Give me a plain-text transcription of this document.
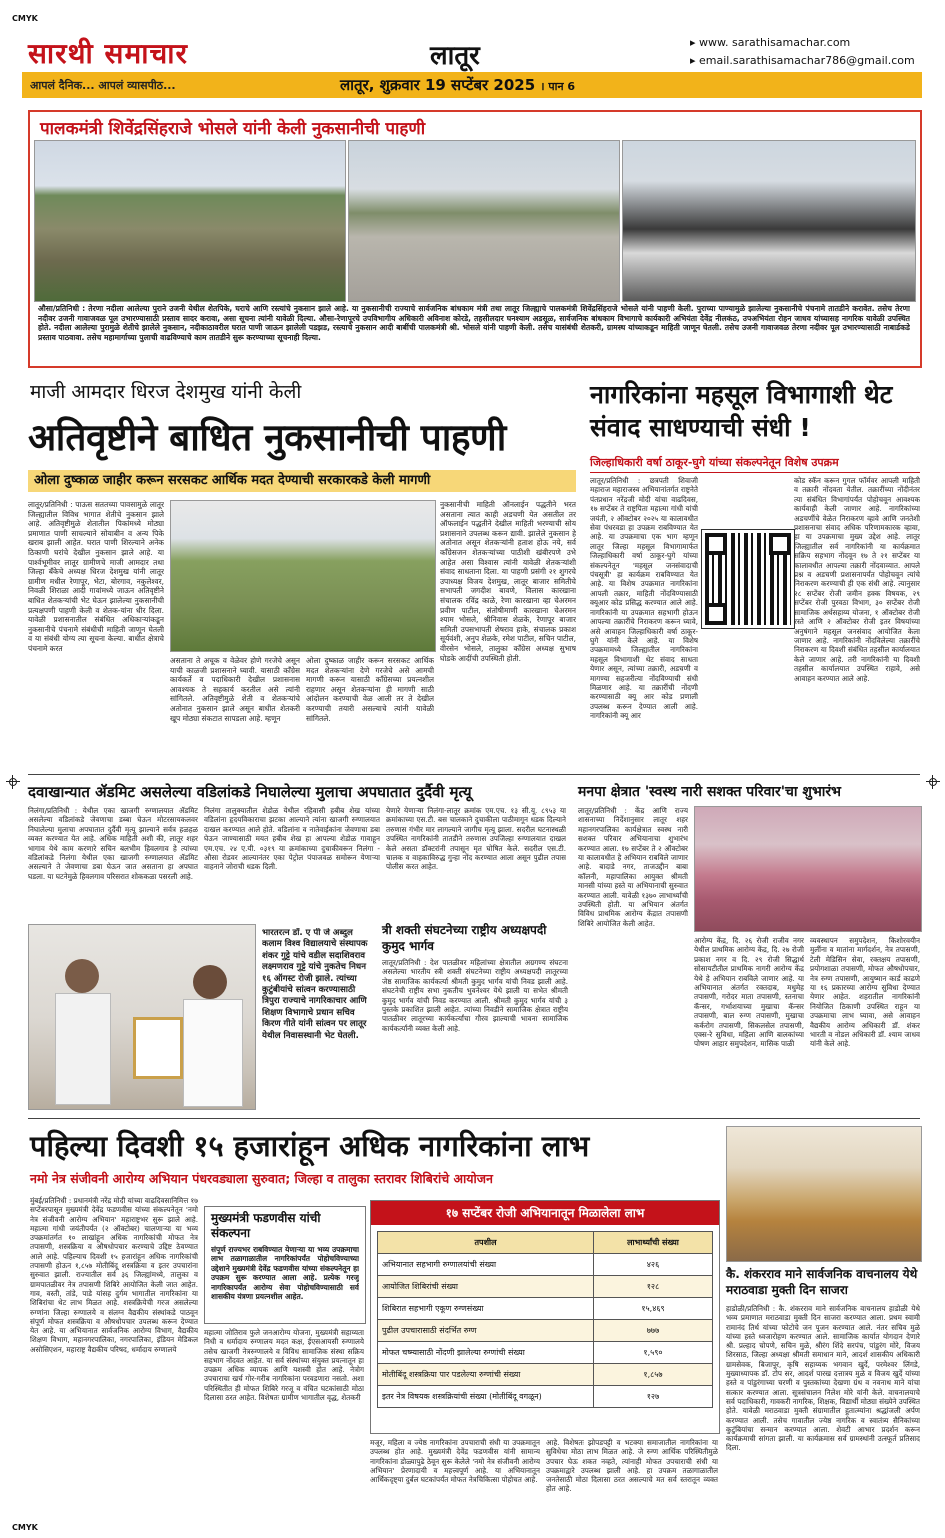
CMYK
CMYK
सारथी समाचार	लातूर	▸ www. sarathisamachar.com
▸ email.sarathisamachar786@gmail.com
आपलं दैनिक... आपलं व्यासपीठ...	लातूर, शुक्रवार 19 सप्टेंबर 2025 । पान 6
पालकमंत्री शिवेंद्रसिंहराजे भोसले यांनी केली नुकसानीची पाहणी
औसा/प्रतिनिधी : तेरणा नदीला आलेल्या पुराने उजनी येथील शेतपिके, घराचे आणि रस्त्यांचे नुकसान झाले आहे. या नुकसानीची राज्याचे सार्वजनिक बांधकाम मंत्री तथा लातूर जिल्ह्याचे पालकमंत्री शिवेंद्रसिंहराजे भोसले यांनी पाहणी केली. पुराच्या पाण्यामुळे झालेल्या नुकसानीचे पंचनामे तातडीने करावेत. तसेच तेरणा नदीवर उजनी गावाजवळ पूल उभारण्यासाठी प्रस्ताव सादर करावा, असा सूचना त्यांनी यावेळी दिल्या. औसा-रेणापूरचे उपविभागीय अधिकारी अविनाश कोरडे, तहसीलदार घनश्याम अडसूळ, सार्वजनिक बांधकाम विभागाचे कार्यकारी अभियंता देवेंद्र नीलकंठ, उपअभियंता रोहन जाधव यांच्यासह नागरिक यावेळी उपस्थित होते. नदीला आलेल्या पुरामुळे शेतीचे झालेले नुकसान, नदीकाठावरील घरात पाणी जाऊन झालेली पडझड, रस्त्याचे नुकसान आदी बाबींची पालकमंत्री श्री. भोसले यांनी पाहणी केली. तसेच यासंबंधी शेतकरी, ग्रामस्थ यांच्याकडून माहिती जाणून घेतली. तसेच उजनी गावाजवळ तेरणा नदीवर पूल उभारण्यासाठी नाबार्डकडे प्रस्ताव पाठवावा. तसेच महामार्गाच्या पुलाची वाढविण्याचे काम तातडीने सुरू करण्याच्या सूचनाही दिल्या.
माजी आमदार धिरज देशमुख यांनी केली
अतिवृष्टीने बाधित नुकसानीची पाहणी
ओला दुष्काळ जाहीर करून सरसकट आर्थिक मदत देण्याची सरकारकडे केली मागणी
लातूर/प्रतिनिधी : पाऊस सततच्या पावसामुळे लातूर जिल्ह्यातील विविध भागात शेतीचे नुकसान झाले आहे. अतिवृष्टीमुळे शेतातील पिकांमध्ये मोठ्या प्रमाणात पाणी साचल्याने सोयाबीन व अन्य पिके खराब झाली आहेत. घरात पाणी शिरल्याने अनेक ठिकाणी घरांचे देखील नुकसान झाले आहे. या पार्श्वभूमीवर लातूर ग्रामीणचे माजी आमदार तथा जिल्हा बँकेचे अध्यक्ष धिरज देशमुख यांनी लातूर ग्रामीण मधील रेणापूर, भेटा, बोरगाव, नकुलेश्वर, निवळी शिराळा आदी गावांमध्ये जाऊन अतिवृष्टीने बाधित शेतकऱ्यांची भेट घेऊन झालेल्या नुकसानीची प्रत्यक्षपणी पाहणी केली व शेतक-यांना धीर दिला. यावेळी प्रशासनातील संबंधित अधिकाऱ्यांकडून नुकसानीचे पंचनामे संबंधीची माहिती जाणून घेतली व या संबंधी योग्य त्या सूचना केल्या. बाधीत क्षेत्राचे पंचनामे करत
असताना ते अचूक व वेळेवर होणे गरजेचे असून याची काळजी प्रशासनाने घ्यावी. यासाठी काँग्रेस कार्यकर्ते व पदाधिकारी देखील प्रशासनास आवश्यक ते सहकार्य करतील असे त्यांनी सांगितले. अतिवृष्टीमुळे शेती व शेतकऱ्यांचे अतोनात नुकसान झाले असून बाधीत शेतकरी खूप मोठ्या संकटात सापडला आहे. म्हणून
ओला दुष्काळ जाहीर करून सरसकट आर्थिक मदत शेतकऱ्यांना देणे गरजेचे असे आमची मागणी करून यासाठी काँग्रेसच्या प्रयत्नशील राहणार असून शेतकऱ्यांना ही मागणी साठी आंदोलन करण्याची वेळ आली तर ते देखील करण्याची तयारी असल्याचे त्यांनी यावेळी सांगितले.
नुकसानीची माहिती ऑनलाईन पद्धतीने भरत असताना त्यात काही अडचणी येत असतील तर ऑफलाईन पद्धतीने देखील माहिती भरण्याची सोय प्रशासनाने उपलब्ध करून द्यावी. झालेले नुकसान हे अतोनात असून शेतकऱ्यांनी हताश होऊ नये, सर्व काँग्रेसजन शेतकऱ्यांच्या पाठीशी खंबीरपणे उभे आहेत असा विश्वास त्यांनी यावेळी शेतकऱ्यांशी संवाद साधताना दिला. या पाहणी प्रसंगी २१ शुगरचे उपाध्यक्ष विजय देशमुख, लातूर बाजार समितीचे सभापती जगदीश बावणे, विलास कारखाना संचालक रविंद्र काळे, रेणा कारखाना व्हा चेअरमन प्रवीण पाटील, संतोषीमाणी कारखाना चेअरमन श्याम भोसले, श्रीनिवास शेळके, रेणापूर बाजार समिती उपसभापती शेषराव हाके, संचालक प्रकाश सूर्यवंशी, अनुप शेळके, रमेश पाटील, सचिन पाटील, वीरसेन भोसले, तालुका काँग्रेस अध्यक्ष सुभाष घोडके आदींची उपस्थिती होती.
नागरिकांना महसूल विभागाशी थेट संवाद साधण्याची संधी !
जिल्हाधिकारी वर्षा ठाकूर-घुगे यांच्या संकल्पनेतून विशेष उपक्रम
लातूर/प्रतिनिधी : छत्रपती शिवाजी महाराज महाराजस्व अभियानांतर्गत राष्ट्रनेते पंतप्रधान नरेंद्रजी मोदी यांचा वाढदिवस, १७ सप्टेंबर ते राष्ट्रपिता महात्मा गांधी यांची जयंती, २ ऑक्टोबर २०२५ या कालावधीत सेवा पंधरवडा हा उपक्रम राबविण्यात येत आहे. या उपक्रमाचा एक भाग म्हणून लातूर जिल्हा महसूल विभागामार्फत जिल्हाधिकारी वर्षा ठाकूर-घुगे यांच्या संकल्पनेतून 'महसूल जनसंवादाची पंचसूत्री' हा कार्यक्रम राबविण्यात येत आहे. या विशेष उपक्रमात नागरिकांना आपली तक्रार, माहिती नोंदविण्यासाठी क्यूआर कोड प्रसिद्ध करण्यात आले आहे. नागरिकांनी या उपक्रमात सहभागी होऊन आपल्या तक्रारींचे निराकरण करून घ्यावे, असे आवाहन जिल्हाधिकारी वर्षा ठाकूर-घुगे यांनी केले आहे. या विशेष उपक्रमामध्ये जिल्ह्यातील नागरिकांना महसूल विभागाशी थेट संवाद साधता येणार असून, त्यांच्या तक्रारी, अडचणी व मागण्या सहजरीत्या नोंदविण्याची संधी मिळणार आहे. या तक्रारींची नोंदणी करण्यासाठी क्यू आर कोड प्रणाली उपलब्ध करून देण्यात आली आहे. नागरिकांनी क्यू आर
कोड स्कॅन करून गुगल फॉर्मवर आपली माहिती व तक्रारी नोंदवता येतील. तक्रारींच्या नोंदीनंतर त्या संबंधित विभागांपर्यंत पोहोचवून आवश्यक कार्यवाही केली जाणार आहे. नागरिकांच्या अडचणींचे वेळेत निराकरण व्हावे आणि जनतेशी प्रशासनाचा संवाद अधिक परिणामकारक व्हावा, हा या उपक्रमाचा मुख्य उद्देश आहे. लातूर जिल्ह्यातील सर्व नागरिकांनी या कार्यक्रमात सक्रिय सहभाग नोंदवून १७ ते २१ सप्टेंबर या कालावधीत आपल्या तक्रारी नोंदवाव्यात. आपले प्रश्न व अडचणी प्रशासनापर्यंत पोहोचवून त्यांचे निराकरण करण्याची ही एक संधी आहे. त्यानुसार २८ सप्टेंबर रोजी जमीन हक्क विषयक, २९ सप्टेंबर रोजी पुरवठा विभाग, ३० सप्टेंबर रोजी सामाजिक अर्थसहाय्य योजना, १ ऑक्टोबर रोजी रस्ते आणि २ ऑक्टोबर रोजी इतर विषयांच्या अनुषंगाने महसूल जनसंवाद आयोजित केला जाणार आहे. नागरिकांनी नोंदविलेल्या तक्रारींचे निराकरण या दिवशी संबंधित तहसील कार्यालयात केले जाणार आहे. तरी नागरिकांनी या दिवशी तहसील कार्यालयात उपस्थित राहावे, असे आवाहन करण्यात आले आहे.
दवाखान्यात ॲडमिट असलेल्या वडिलांकडे निघालेल्या मुलाचा अपघातात दुर्दैवी मृत्यू
निलंगा/प्रतिनिधी : येथील एका खाजगी रुग्णालयात ॲडमिट असलेल्या वडिलांकडे जेवणाचा डब्बा घेऊन मोटरसायकलवर निघालेल्या मुलाचा अपघातात दुर्दैवी मृत्यू झाल्याने सर्वत्र हळहळ व्यक्त करण्यात येत आहे. अधिक माहिती अशी की, लातूर शहर भागाव येथे काम करणारे सचिन बलभीम हिवलगाव हे त्यांच्या वडिलांकडे निलंगा येथील एका खाजगी रुग्णालयात ॲडमिट असल्याने ते जेवणाचा डबा घेऊन जात असताना हा अपघात घडला. या घटनेमुळे हिवलगाव परिसरात शोककळा पसरली आहे.
निलंगा तालुक्यातील शेडोळ येथील रहिवासी हबीब शेख यांच्या वडिलांना हृदयविकाराचा झटका आल्याने त्यांना खाजगी रुग्णालयात दाखल करण्यात आले होते. वडिलांना व नातेवाईकांना जेवणाचा डबा घेऊन जाण्यासाठी मयत हबीब शेख हा आपल्या शेडोळ गावाहून एम.एच. २४ ए.यी. ०३१९ या क्रमांकाच्या दुचाकीवरून निलंगा - औसा रोडवर आल्यानंतर एका पेट्रोल पंपाजवळ समोरून येणाऱ्या वाहनाने जोराची धडक दिली.
येणारे येणाऱ्या निलंगा-लातूर क्रमांक एम.एच. १३ सी.यू. ८९५३ या क्रमांकाच्या एस.टी. बस चालकाने दुचाकीला पाठीमागून धडक दिल्याने तरुणास गंभीर मार लागल्याने जागीच मृत्यू झाला. सदरील घटनास्थळी उपस्थित नागरिकांनी तातडीने तरुणास उपजिल्हा रुग्णालयात दाखल केले असता डॉक्टरांनी तपासून मृत घोषित केले. सदरील एस.टी. चालक व वाहकाविरुद्ध गुन्हा नोंद करण्यात आला असून पुढील तपास पोलीस करत आहेत.
भारतरत्न डॉ. ए पी जे अब्दुल कलाम विश्व विद्यालयाचे संस्थापक शंकर गुट्टे यांचे वडील सदाशिवराव लक्ष्मणराव गुट्टे यांचे नुकतेच निधन १६ ऑगस्ट रोजी झाले. त्यांच्या कुटुंबीयांचे सांत्वन करण्यासाठी त्रिपुरा राज्याचे नागरिकाचार आणि शिक्षण विभागाचे प्रधान सचिव किरण गीते यांनी सांत्वन पर लातूर येथील निवासस्थानी भेट घेतली.
त्री शक्ती संघटनेच्या राष्ट्रीय अध्यक्षपदी कुमुद भार्गव
लातूर/प्रतिनिधी : देश पातळीवर महिलांच्या क्षेत्रातील अग्रगण्य संघटना असलेल्या भारतीय स्त्री शक्ती संघटनेच्या राष्ट्रीय अध्यक्षपदी लातूरच्या जेष्ठ सामाजिक कार्यकर्त्या श्रीमती कुमुद भार्गव यांची निवड झाली आहे. संघटनेची राष्ट्रीय सभा नुकतीच भुवनेश्वर येथे झाली या सभेत श्रीमती कुमुद भार्गव यांची निवड करण्यात आली. श्रीमती कुमुद भार्गव यांची ३ पुस्तके प्रकाशित झाली आहेत. त्यांच्या निवडीने सामाजिक क्षेत्रात राष्ट्रीय पातळीवर लातूरच्या कार्यकर्त्यांचा गौरव झाल्याची भावना सामाजिक कार्यकर्त्यांनी व्यक्त केली आहे.
मनपा क्षेत्रात 'स्वस्थ नारी सशक्त परिवार'चा शुभारंभ
लातूर/प्रतिनिधी : केंद्र आणि राज्य शासनाच्या निर्देशानुसार लातूर शहर महानगरपालिका कार्यक्षेत्रात स्वस्थ नारी सशक्त परिवार अभियानाचा शुभारंभ करण्यात आला. १७ सप्टेंबर ते २ ऑक्टोबर या कालावधीत हे अभियान राबविले जाणार आहे. बादाडे नगर, ताजउद्दीन बाबा कॉलनी, महापालिका आयुक्त श्रीमती मानसी यांच्या हस्ते या अभियानाची सुरुवात करण्यात आली. यावेळी १३७० लाभार्थ्यांची उपस्थिती होती. या अभियान अंतर्गत विविध प्राथमिक आरोग्य केंद्रात तपासणी शिबिरे आयोजित केली आहेत.
आरोग्य केंद्र, दि. २६ रोजी राजीव नगर येथील प्राथमिक आरोग्य केंद्र, दि. २७ रोजी प्रकाश नगर व दि. २९ रोजी सिद्धार्थ सोसायटीतील प्राथमिक नागरी आरोग्य केंद्र येथे हे अभियान राबविले जाणार आहे. या अभियानात अंतर्गत रक्तदाब, मधुमेह तपासणी, गरोदर माता तपासणी, स्तनाचा कॅन्सर, गर्भाशयाच्या मुखाचा कॅन्सर तपासणी, बाल रुग्ण तपासणी, मुखाचा कर्करोग तपासणी, सिकलसेल तपासणी, एक्स-रे सुविधा, महिला आणि बालकांच्या पोषण आहार समुपदेशन, मासिक पाळी
व्यवस्थापन समुपदेशन, किशोरवयीन मुलींना व मातांना मार्गदर्शन, नेत्र तपासणी, टेली मेडिसिन सेवा, रक्तक्षय तपासणी, प्रयोगशाळा तपासणी, मोफत औषधोपचार, नेत्र रुग्ण तपासणी, आयुष्मान कार्ड काढणे या १६ प्रकारच्या आरोग्य सुविधा देण्यात येणार आहेत. शहरातील नागरिकांनी नियोजित ठिकाणी उपस्थित राहून या उपक्रमाचा लाभ घ्यावा, असे आवाहन वैद्यकीय आरोग्य अधिकारी डॉ. शंकर भारती व नोडल अधिकारी डॉ. श्याम जाधव यांनी केले आहे.
पहिल्या दिवशी १५ हजारांहून अधिक नागरिकांना लाभ
नमो नेत्र संजीवनी आरोग्य अभियान पंधरवड्याला सुरुवात; जिल्हा व तालुका स्तरावर शिबिरांचे आयोजन
मुंबई/प्रतिनिधी : प्रधानमंत्री नरेंद्र मोदी यांच्या वाढदिवसानिमित्त १७ सप्टेंबरपासून मुख्यमंत्री देवेंद्र फडणवीस यांच्या संकल्पनेतून 'नमो नेत्र संजीवनी आरोग्य अभियान' महाराष्ट्रभर सुरू झाले आहे. महात्मा गांधी जयंतीपर्यंत (२ ऑक्टोबर) चालणाऱ्या या भव्य उपक्रमांतर्गत १० लाखांहून अधिक नागरिकांची मोफत नेत्र तपासणी, शस्त्रक्रिया व औषधोपचार करण्याचे उद्दिष्ट ठेवण्यात आले आहे. पहिल्याच दिवशी १५ हजारांहून अधिक नागरिकांची तपासणी होऊन १,८५७ मोतीबिंदू शस्त्रक्रिया व इतर उपचारांना सुरुवात झाली. राज्यातील सर्व ३६ जिल्ह्यांमध्ये, तालुका व ग्रामपातळीवर नेत्र तपासणी शिबिरे आयोजित केली जात आहेत. गाव, वस्ती, तांडे, पाडे यांसह दुर्गम भागातील नागरिकांना या शिबिरांचा थेट लाभ मिळत आहे. शस्त्रक्रियेची गरज असलेल्या रुग्णांना जिल्हा रुग्णालये व संलग्न वैद्यकीय संस्थांकडे पाठवून संपूर्ण मोफत शस्त्रक्रिया व औषधोपचार उपलब्ध करून देण्यात येत आहे. या अभियानात सार्वजनिक आरोग्य विभाग, वैद्यकीय शिक्षण विभाग, महानगरपालिका, नगरपालिका, इंडियन मेडिकल असोसिएशन, महाराष्ट्र वैद्यकीय परिषद, धर्मादाय रुग्णालये
मुख्यमंत्री फडणवीस यांची संकल्पना
संपूर्ण राज्यभर राबविण्यात येणाऱ्या या भव्य उपक्रमाचा लाभ तळागाळातील नागरिकांपर्यंत पोहोचविण्याच्या उद्देशाने मुख्यमंत्री देवेंद्र फडणवीस यांच्या संकल्पनेतून हा उपक्रम सुरू करण्यात आला आहे. प्रत्येक गरजू नागरिकापर्यंत आरोग्य सेवा पोहोचविण्यासाठी सर्व शासकीय यंत्रणा प्रयत्नशील आहेत.
महात्मा जोतिराव फुले जनआरोग्य योजना, मुख्यमंत्री सहाय्यता निधी व धर्मादाय रुग्णालय मदत कक्ष, ईएसआयसी रुग्णालये तसेच खाजगी नेत्ररुग्णालये व विविध सामाजिक संस्था सक्रिय सहभाग नोंदवत आहेत. या सर्व संस्थांच्या संयुक्त प्रयत्नातून हा उपक्रम अधिक व्यापक आणि यशस्वी होत आहे. नेत्रोग उपचाराचा खर्च गोर-गरीब नागरिकांना परवडणारा नसतो. अशा परिस्थितीत ही मोफत शिबिरे गरजू व वंचित घटकांसाठी मोठा दिलासा ठरत आहेत. विशेषतः ग्रामीण भागातील वृद्ध, शेतकरी
१७ सप्टेंबर रोजी अभियानातून मिळालेला लाभ
तपशील	लाभार्थ्यांची संख्या
अभियानात सहभागी रुग्णालयांची संख्या	४२६
आयोजित शिबिरांची संख्या	१२८
शिबिरात सहभागी एकूण रुग्णसंख्या	१५,४६९
पुढील उपचारासाठी संदर्भित रुग्ण	७७७
मोफत चष्म्यासाठी नोंदणी झालेल्या रुग्णांची संख्या	१,५९०
मोतीबिंदू शस्त्रक्रिया पार पडलेल्या रुग्णांची संख्या	१,८५७
इतर नेत्र विषयक शस्त्रक्रियांची संख्या (मोतीबिंदू वगळून)	१२७
मजूर, महिला व ज्येष्ठ नागरिकांना उपचाराची संधी या उपक्रमातून उपलब्ध होत आहे. मुख्यमंत्री देवेंद्र फडणवीस यांनी सामान्य नागरिकांना डोळ्यापुढे ठेवून सुरू केलेले 'नमो नेत्र संजीवनी आरोग्य अभियान' प्रेरणादायी व महत्त्वपूर्ण आहे. या अभियानातून आर्थिकदृष्ट्या दुर्बल घटकांपर्यंत मोफत नेत्रचिकित्सा पोहोचत आहे.
आहे. विशेषतः झोपडपट्टी व भटक्या समाजातील नागरिकांना या सुविधेचा मोठा लाभ मिळत आहे. जे रुग्ण आर्थिक परिस्थितीमुळे उपचार घेऊ शकत नव्हते, त्यांनाही मोफत उपचाराची संधी या उपक्रमाद्वारे उपलब्ध झाली आहे. हा उपक्रम तळागाळातील जनतेसाठी मोठा दिलासा ठरत असल्याचे मत सर्व स्तरातून व्यक्त होत आहे.
कै. शंकरराव माने सार्वजनिक वाचनालय येथे मराठवाडा मुक्ती दिन साजरा
हाडोळी/प्रतिनिधी : कै. शंकरराव माने सार्वजनिक वाचनालय हाडोळी येथे भव्य प्रमाणात मराठवाडा मुक्ती दिन साजरा करण्यात आला. प्रथम स्वामी रामानंद तिर्थ यांच्या फोटोचे जन पूजन करण्यात आले. नंतर सचिव मुळे यांच्या हस्ते ध्वजारोहण करण्यात आले. सामाजिक कार्यात योगदान देणारे श्री. प्रल्हाद चोपणे, सचिन मुळे, श्रीरंग शिंदे सरपंच, पांडुरंग मोरे, विजय शिरसाठ, जिल्हा अध्यक्षा श्रीमती समाधान माने, आदर्श शासकीय अधिकारी ग्रामसेवक, बिजापूर, कृषि सहाय्यक भगवान खुर्दे, परमेश्वर लिंगडे, मुख्याध्यापक डॉ. टोप सर, आदर्श पारख दत्तात्रय मुळे व विजय खुर्दे यांच्या हस्ते व पांडुरंगाच्या चरणी व पुस्तकांच्या देखणा ग्रंथ व नवनाथ माने यांचा सत्कार करण्यात आला. सूत्रसंचालन निलेश मोरे यांनी केले. वाचनालयाचे सर्व पदाधिकारी, गावकरी नागरिक, शिक्षक, विद्यार्थी मोठ्या संख्येने उपस्थित होते. यावेळी मराठवाडा मुक्ती संग्रामातील हुतात्म्यांना श्रद्धांजली अर्पण करण्यात आली. तसेच गावातील ज्येष्ठ नागरिक व स्वातंत्र्य सैनिकांच्या कुटुंबियांचा सन्मान करण्यात आला. शेवटी आभार प्रदर्शन करून कार्यक्रमाची सांगता झाली. या कार्यक्रमास सर्व ग्रामस्थांनी उत्स्फूर्त प्रतिसाद दिला.
